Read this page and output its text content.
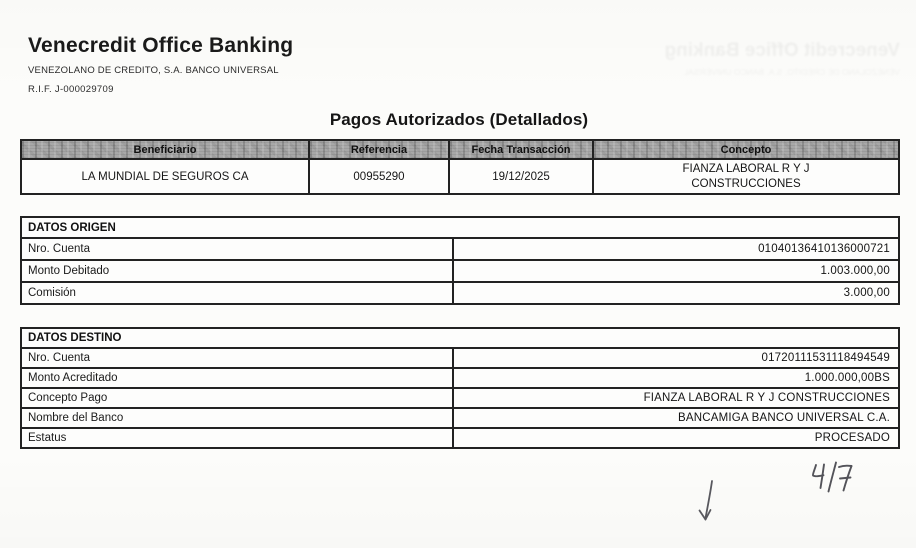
Venecredit Office Banking
VENEZOLANO DE CREDITO, S.A. BANCO UNIVERSAL
Venecredit Office Banking
VENEZOLANO DE CREDITO, S.A. BANCO UNIVERSAL
R.I.F. J-000029709
Pagos Autorizados (Detallados)
Beneficiario	Referencia	Fecha Transacción	Concepto
LA MUNDIAL DE SEGUROS CA	00955290	19/12/2025	FIANZA LABORAL R Y J CONSTRUCCIONES
DATOS ORIGEN	
Nro. Cuenta	01040136410136000721
Monto Debitado	1.003.000,00
Comisión	3.000,00
DATOS DESTINO	
Nro. Cuenta	01720111531118494549
Monto Acreditado	1.000.000,00BS
Concepto Pago	FIANZA LABORAL R Y J CONSTRUCCIONES
Nombre del Banco	BANCAMIGA BANCO UNIVERSAL C.A.
Estatus	PROCESADO
